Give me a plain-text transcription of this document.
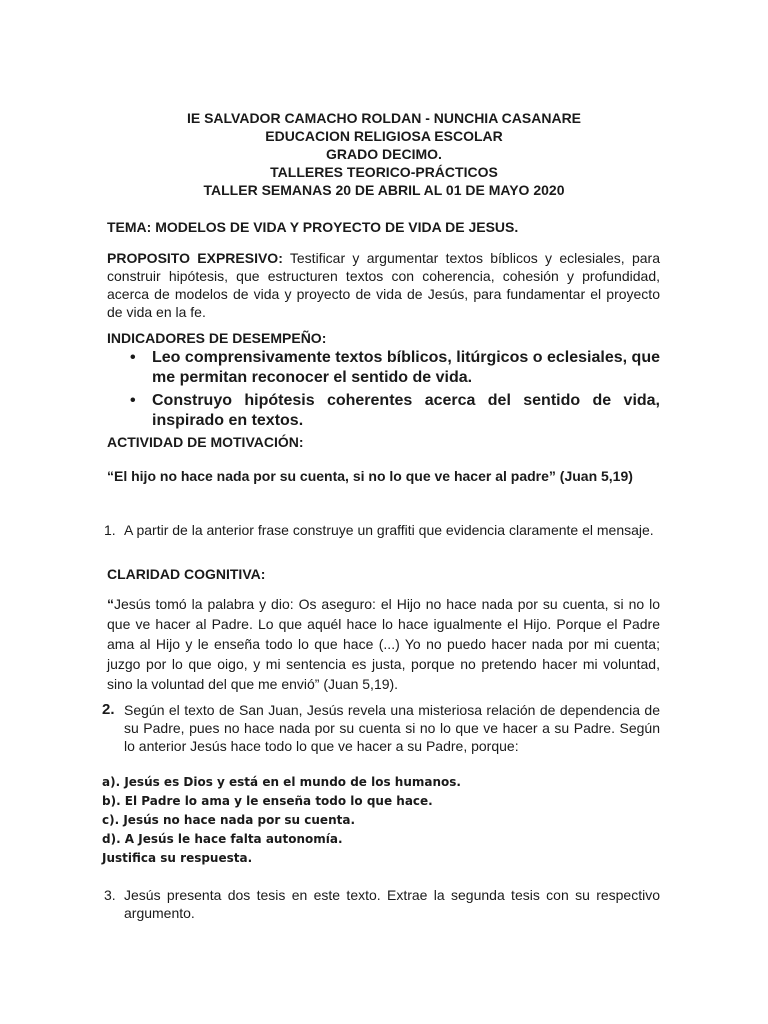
IE SALVADOR CAMACHO ROLDAN - NUNCHIA CASANARE
EDUCACION RELIGIOSA ESCOLAR
GRADO DECIMO.
TALLERES TEORICO-PRÁCTICOS
TALLER SEMANAS 20 DE ABRIL AL 01 DE MAYO 2020
TEMA: MODELOS DE VIDA Y PROYECTO DE VIDA DE JESUS.
PROPOSITO EXPRESIVO: Testificar y argumentar textos bíblicos y eclesiales, para construir hipótesis, que estructuren textos con coherencia, cohesión y profundidad, acerca de modelos de vida y proyecto de vida de Jesús, para fundamentar el proyecto de vida en la fe.
INDICADORES DE DESEMPEÑO:
• Leo comprensivamente textos bíblicos, litúrgicos o eclesiales, que me permitan reconocer el sentido de vida.
• Construyo hipótesis coherentes acerca del sentido de vida, inspirado en textos.
ACTIVIDAD DE MOTIVACIÓN:
“El hijo no hace nada por su cuenta, si no lo que ve hacer al padre” (Juan 5,19)
1. A partir de la anterior frase construye un graffiti que evidencia claramente el mensaje.
CLARIDAD COGNITIVA:
“Jesús tomó la palabra y dio: Os aseguro: el Hijo no hace nada por su cuenta, si no lo que ve hacer al Padre. Lo que aquél hace lo hace igualmente el Hijo. Porque el Padre ama al Hijo y le enseña todo lo que hace (...) Yo no puedo hacer nada por mi cuenta; juzgo por lo que oigo, y mi sentencia es justa, porque no pretendo hacer mi voluntad, sino la voluntad del que me envió” (Juan 5,19).
2. Según el texto de San Juan, Jesús revela una misteriosa relación de dependencia de su Padre, pues no hace nada por su cuenta si no lo que ve hacer a su Padre. Según lo anterior Jesús hace todo lo que ve hacer a su Padre, porque:
a). Jesús es Dios y está en el mundo de los humanos.
b). El Padre lo ama y le enseña todo lo que hace.
c). Jesús no hace nada por su cuenta.
d). A Jesús le hace falta autonomía.
Justifica su respuesta.
3. Jesús presenta dos tesis en este texto. Extrae la segunda tesis con su respectivo argumento.
